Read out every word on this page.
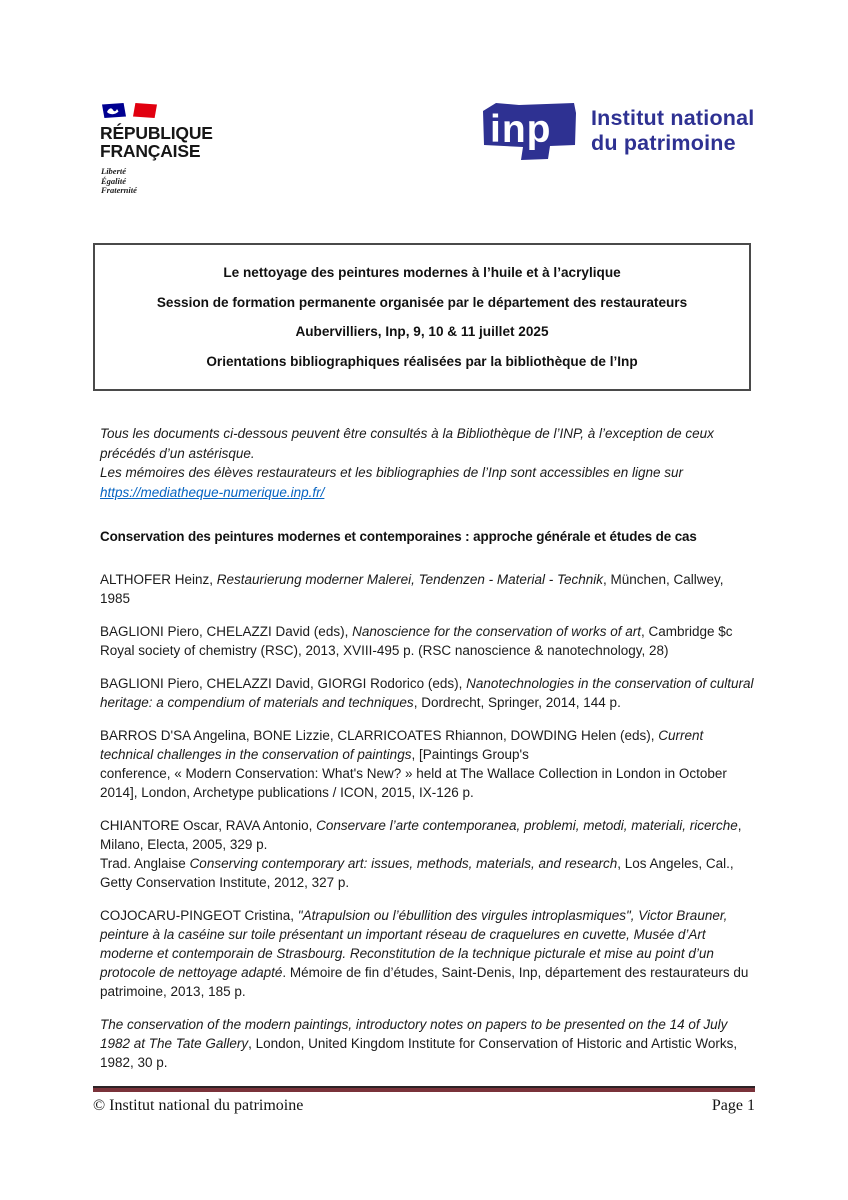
RÉPUBLIQUE
FRANÇAISE
Liberté
Égalité
Fraternité
inp Institut national
du patrimoine
Le nettoyage des peintures modernes à l’huile et à l’acrylique
Session de formation permanente organisée par le département des restaurateurs
Aubervilliers, Inp, 9, 10 & 11 juillet 2025
Orientations bibliographiques réalisées par la bibliothèque de l’Inp

Tous les documents ci-dessous peuvent être consultés à la Bibliothèque de l’INP, à l’exception de ceux précédés d’un astérisque.
Les mémoires des élèves restaurateurs et les bibliographies de l’Inp sont accessibles en ligne sur
https://mediatheque-numerique.inp.fr/

Conservation des peintures modernes et contemporaines : approche générale et études de cas

ALTHOFER Heinz, Restaurierung moderner Malerei, Tendenzen - Material - Technik, München, Callwey, 1985

BAGLIONI Piero, CHELAZZI David (eds), Nanoscience for the conservation of works of art, Cambridge $c Royal society of chemistry (RSC), 2013, XVIII-495 p. (RSC nanoscience & nanotechnology, 28)

BAGLIONI Piero, CHELAZZI David, GIORGI Rodorico (eds), Nanotechnologies in the conservation of cultural heritage: a compendium of materials and techniques, Dordrecht, Springer, 2014, 144 p.

BARROS D'SA Angelina, BONE Lizzie, CLARRICOATES Rhiannon, DOWDING Helen (eds), Current technical challenges in the conservation of paintings, [Paintings Group's
conference, « Modern Conservation: What's New? » held at The Wallace Collection in London in October 2014], London, Archetype publications / ICON, 2015, IX-126 p.

CHIANTORE Oscar, RAVA Antonio, Conservare l’arte contemporanea, problemi, metodi, materiali, ricerche, Milano, Electa, 2005, 329 p.
Trad. Anglaise Conserving contemporary art: issues, methods, materials, and research, Los Angeles, Cal., Getty Conservation Institute, 2012, 327 p.

COJOCARU-PINGEOT Cristina, "Atrapulsion ou l’ébullition des virgules introplasmiques", Victor Brauner, peinture à la caséine sur toile présentant un important réseau de craquelures en cuvette, Musée d’Art moderne et contemporain de Strasbourg. Reconstitution de la technique picturale et mise au point d’un protocole de nettoyage adapté. Mémoire de fin d’études, Saint-Denis, Inp, département des restaurateurs du patrimoine, 2013, 185 p.

The conservation of the modern paintings, introductory notes on papers to be presented on the 14 of July 1982 at The Tate Gallery, London, United Kingdom Institute for Conservation of Historic and Artistic Works, 1982, 30 p.

© Institut national du patrimoine	Page 1
